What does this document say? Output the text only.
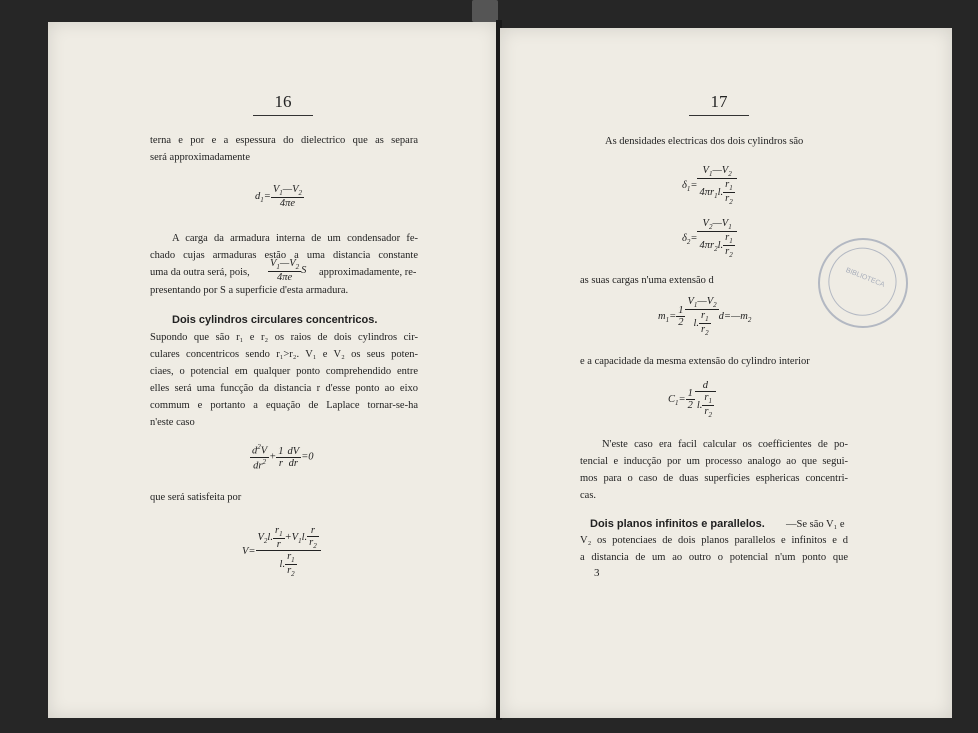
16
terna e por e a espessura do dielectrico que as separa
será approximadamente
$d_1= \frac{V_1—V_2}{4\pi e}$
A carga da armadura interna de um condensador fe-
chado cujas armaduras estão a uma distancia constante
uma da outra será, pois, $\frac{V_1—V_2}{4\pi e}$ S approximadamente, re-
presentando por S a superficie d'esta armadura.
Dois cylindros circulares concentricos.
Supondo que são r₁ e r₂ os raios de dois cylindros cir-
culares concentricos sendo r₁>r₂. V₁ e V₂ os seus poten-
ciaes, o potencial em qualquer ponto comprehendido entre
elles será uma funcção da distancia r d'esse ponto ao eixo
commum e portanto a equação de Laplace tornar-se-ha
n'este caso
$\frac{d^2V}{dr^2} + \frac{1}{r} \frac{dV}{dr} =0$
que será satisfeita por
$V= \frac{V_2l. \frac{r_1}{r} +V_1l. \frac{r}{r_2}}{l. \frac{r_1}{r_2}}$
17
As densidades electricas dos dois cylindros são
$\delta_1= \frac{V_1—V_2}{4\pi r_1l. \frac{r_1}{r_2}}$
$\delta_2= \frac{V_2—V_1}{4\pi r_2l. \frac{r_1}{r_2}}$
as suas cargas n'uma extensão d
$m_1= \frac{1}{2} \frac{V_1—V_2}{l. \frac{r_1}{r_2}}$ $d=—m_2$
e a capacidade da mesma extensão do cylindro interior
$C_1= \frac{1}{2} \frac{d}{l. \frac{r_1}{r_2}}$
N'este caso era facil calcular os coefficientes de po-
tencial e inducção por um processo analogo ao que segui-
mos para o caso de duas superficies esphericas concentri-
cas.
Dois planos infinitos e parallelos. —Se são V₁ e
V₂ os potenciaes de dois planos parallelos e infinitos e d
a distancia de um ao outro o potencial n'um ponto que
3
BIBLIOTECA
